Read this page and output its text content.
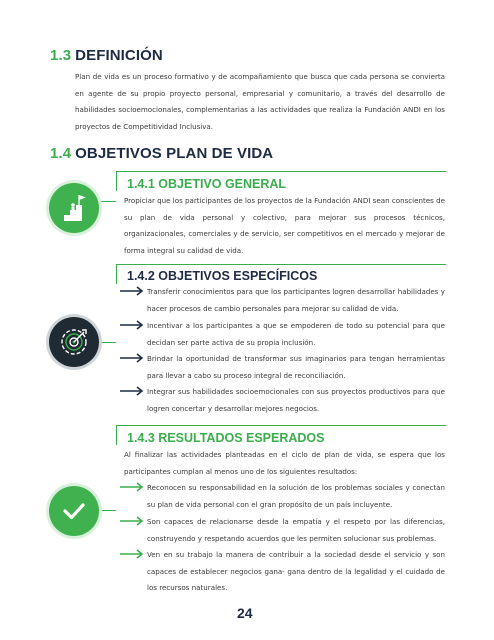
1.3 DEFINICIÓN
Plan de vida es un proceso formativo y de acompañamiento que busca que cada persona se convierta en agente de su propio proyecto personal, empresarial y comunitario, a través del desarrollo de habilidades socioemocionales, complementarias a las actividades que realiza la Fundación ANDI en los proyectos de Competitividad Inclusiva.
1.4 OBJETIVOS PLAN DE VIDA
1.4.1 OBJETIVO GENERAL
Propiciar que los participantes de los proyectos de la Fundación ANDI sean conscientes de su plan de vida personal y colectivo, para mejorar sus procesos técnicos, organizacionales, comerciales y de servicio, ser competitivos en el mercado y mejorar de forma integral su calidad de vida.
1.4.2 OBJETIVOS ESPECÍFICOS
Transferir conocimientos para que los participantes logren desarrollar habilidades y hacer procesos de cambio personales para mejorar su calidad de vida.
Incentivar a los participantes a que se empoderen de todo su potencial para que decidan ser parte activa de su propia inclusión.
Brindar la oportunidad de transformar sus imaginarios para tengan herramientas para llevar a cabo su proceso integral de reconciliación.
Integrar sus habilidades socioemocionales con sus proyectos productivos para que logren concertar y desarrollar mejores negocios.
1.4.3 RESULTADOS ESPERADOS
Al finalizar las actividades planteadas en el ciclo de plan de vida, se espera que los participantes cumplan al menos uno de los siguientes resultados:
Reconocen su responsabilidad en la solución de los problemas sociales y conectan su plan de vida personal con el gran propósito de un país incluyente.
Son capaces de relacionarse desde la empatía y el respeto por las diferencias, construyendo y respetando acuerdos que les permiten solucionar sus problemas.
Ven en su trabajo la manera de contribuir a la sociedad desde el servicio y son capaces de establecer negocios gana- gana dentro de la legalidad y el cuidado de los recursos naturales.
24
